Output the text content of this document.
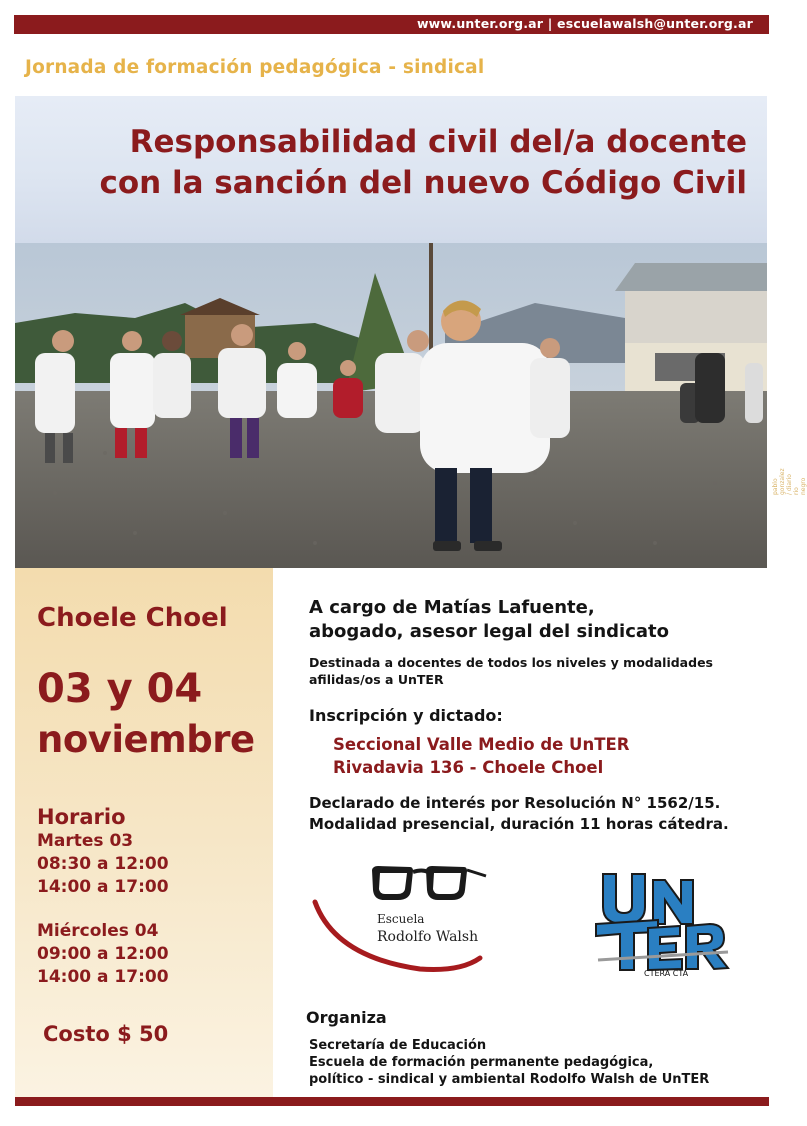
www.unter.org.ar | escuelawalsh@unter.org.ar
Jornada de formación pedagógica - sindical
Responsabilidad civil del/a docente
con la sanción del nuevo Código Civil
pablo gonzalez / diario rio negro
Choele Choel
03 y 04
noviembre
Horario
Martes 03
08:30 a 12:00
14:00 a 17:00
Miércoles 04
09:00 a 12:00
14:00 a 17:00
Costo $ 50
A cargo de Matías Lafuente,
abogado, asesor legal del sindicato
Destinada a docentes de todos los niveles y modalidades
afilidas/os a UnTER
Inscripción y dictado:
Seccional Valle Medio de UnTER
Rivadavia 136 - Choele Choel
Declarado de interés por Resolución N° 1562/15.
Modalidad presencial, duración 11 horas cátedra.
Escuela
Rodolfo Walsh
CTERA CTA
Organiza
Secretaría de Educación
Escuela de formación permanente pedagógica,
político - sindical y ambiental Rodolfo Walsh de UnTER
